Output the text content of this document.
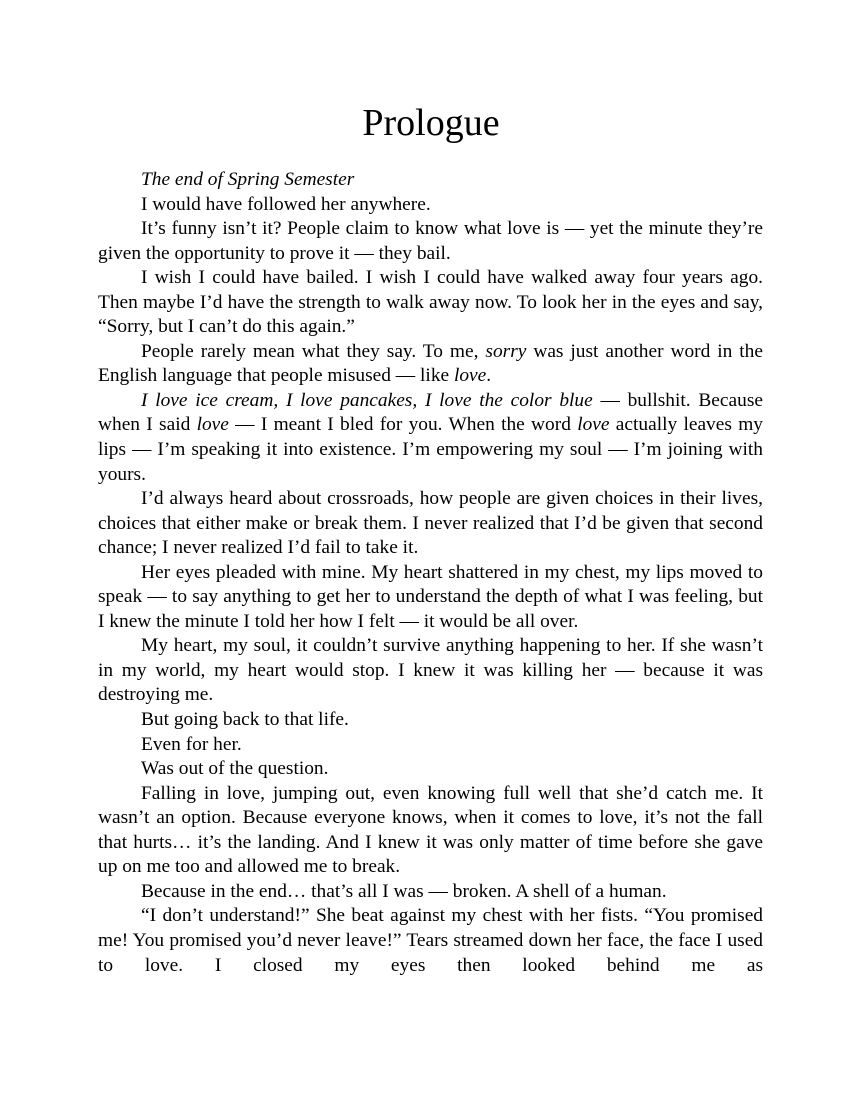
Prologue

The end of Spring Semester

I would have followed her anywhere.

It’s funny isn’t it? People claim to know what love is — yet the minute they’re given the opportunity to prove it — they bail.

I wish I could have bailed. I wish I could have walked away four years ago. Then maybe I’d have the strength to walk away now. To look her in the eyes and say, “Sorry, but I can’t do this again.”

People rarely mean what they say. To me, sorry was just another word in the English language that people misused — like love.

I love ice cream, I love pancakes, I love the color blue — bullshit. Because when I said love — I meant I bled for you. When the word love actually leaves my lips — I’m speaking it into existence. I’m empowering my soul — I’m joining with yours.

I’d always heard about crossroads, how people are given choices in their lives, choices that either make or break them. I never realized that I’d be given that second chance; I never realized I’d fail to take it.

Her eyes pleaded with mine. My heart shattered in my chest, my lips moved to speak — to say anything to get her to understand the depth of what I was feeling, but I knew the minute I told her how I felt — it would be all over.

My heart, my soul, it couldn’t survive anything happening to her. If she wasn’t in my world, my heart would stop. I knew it was killing her — because it was destroying me.

But going back to that life.

Even for her.

Was out of the question.

Falling in love, jumping out, even knowing full well that she’d catch me. It wasn’t an option. Because everyone knows, when it comes to love, it’s not the fall that hurts… it’s the landing. And I knew it was only matter of time before she gave up on me too and allowed me to break.

Because in the end… that’s all I was — broken. A shell of a human.

“I don’t understand!” She beat against my chest with her fists. “You promised me! You promised you’d never leave!” Tears streamed down her face, the face I used to love. I closed my eyes then looked behind me as
